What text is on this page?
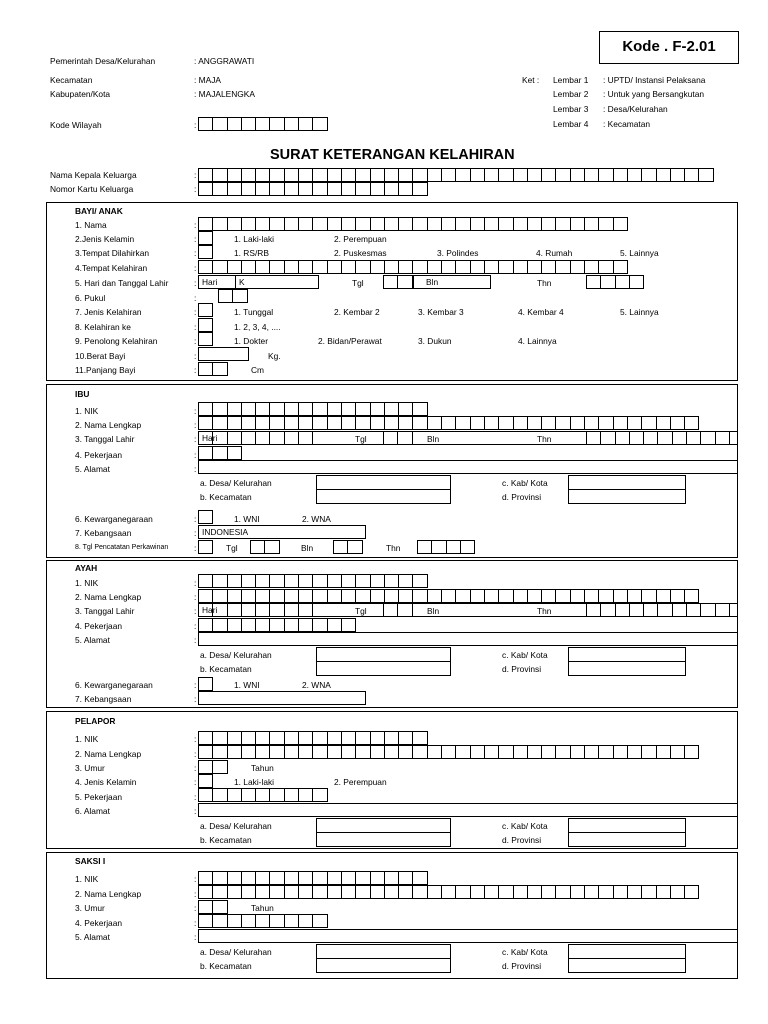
Pemerintah Desa/Kelurahan	: ANGGRAWATI
Kecamatan	: MAJA
Kabupaten/Kota	: MAJALENGKA
Kode Wilayah	:
Kode . F-2.01
Ket : Lembar 1 : UPTD/ Instansi Pelaksana
Lembar 2 : Untuk yang Bersangkutan
Lembar 3 : Desa/Kelurahan
Lembar 4 : Kecamatan
SURAT KETERANGAN KELAHIRAN
Nama Kepala Keluarga	:
Nomor Kartu Keluarga	:
BAYI/ ANAK
1. Nama	:
2.Jenis Kelamin	:	1. Laki-laki	2. Perempuan
3.Tempat Dilahirkan	:	1. RS/RB	2. Puskesmas	3. Polindes	4. Rumah	5. Lainnya
4.Tempat Kelahiran	:
5. Hari dan Tanggal Lahir	: Hari	K	Tgl	Bln	Thn
6. Pukul	:
7. Jenis Kelahiran	:	1. Tunggal	2. Kembar 2	3. Kembar 3	4. Kembar 4	5. Lainnya
8. Kelahiran ke	:	1. 2, 3, 4, ....
9. Penolong Kelahiran	:	1. Dokter	2. Bidan/Perawat	3. Dukun	4. Lainnya
10.Berat Bayi	:	Kg.
11.Panjang Bayi	:	Cm
IBU
1. NIK	:
2. Nama Lengkap	:
3. Tanggal Lahir	: Hari	Tgl	Bln	Thn
4. Pekerjaan	:
5. Alamat	:
a. Desa/ Kelurahan
b. Kecamatan
c. Kab/ Kota
d. Provinsi
6. Kewarganegaraan	:	1. WNI	2. WNA
7. Kebangsaan	: INDONESIA
8. Tgl Pencatatan Perkawinan	:	Tgl	Bln	Thn
AYAH
1. NIK	:
2. Nama Lengkap	:
3. Tanggal Lahir	: Hari	Tgl	Bln	Thn
4. Pekerjaan	:
5. Alamat	:
a. Desa/ Kelurahan
b. Kecamatan
c. Kab/ Kota
d. Provinsi
6. Kewarganegaraan	:	1. WNI	2. WNA
7. Kebangsaan	:
PELAPOR
1. NIK	:
2. Nama Lengkap	:
3. Umur	:	Tahun
4. Jenis Kelamin	:	1. Laki-laki	2. Perempuan
5. Pekerjaan	:
6. Alamat	:
a. Desa/ Kelurahan
b. Kecamatan
c. Kab/ Kota
d. Provinsi
SAKSI I
1. NIK	:
2. Nama Lengkap	:
3. Umur	:	Tahun
4. Pekerjaan	:
5. Alamat	:
a. Desa/ Kelurahan
b. Kecamatan
c. Kab/ Kota
d. Provinsi
